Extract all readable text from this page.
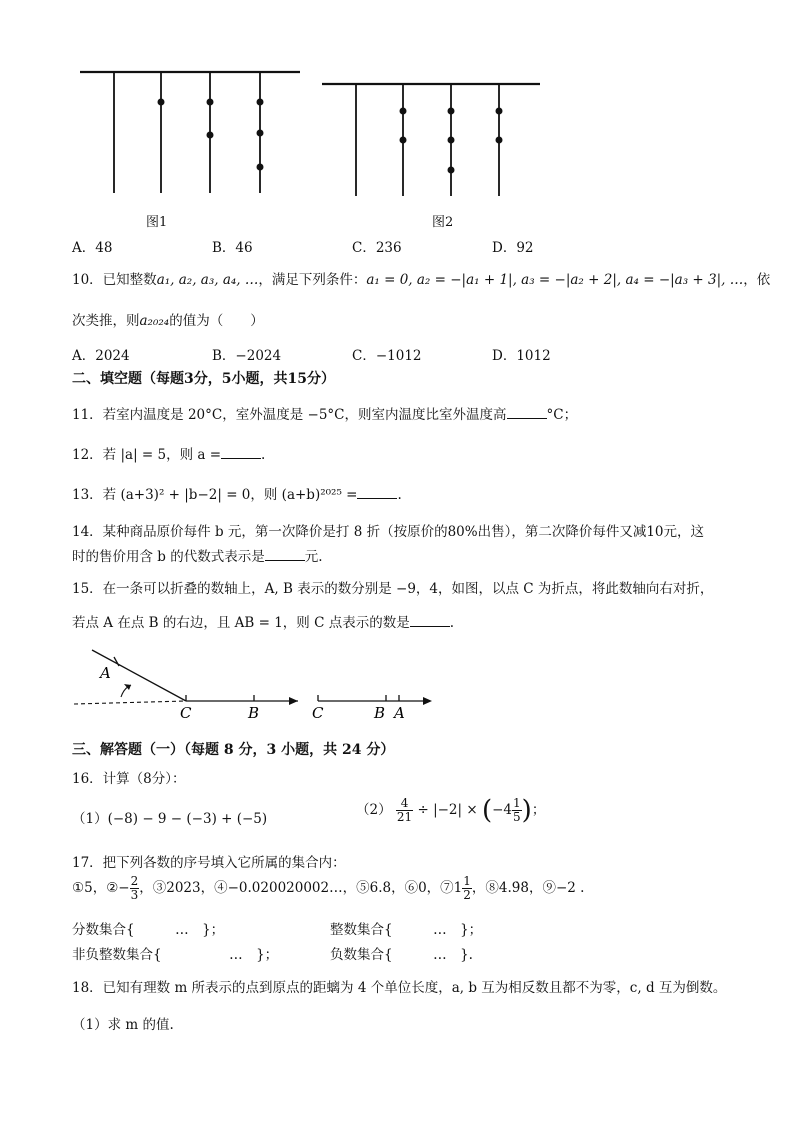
图1	图2
A．48	B．46	C．236	D．92
10．已知整数a₁, a₂, a₃, a₄, …，满足下列条件：a₁ = 0, a₂ = −|a₁ + 1|, a₃ = −|a₂ + 2|, a₄ = −|a₃ + 3|, …，依
次类推，则a₂₀₂₄的值为（　　）
A．2024	B．−2024	C．−1012	D．1012
二、填空题（每题3分，5小题，共15分）
11．若室内温度是 20°C，室外温度是 −5°C，则室内温度比室外温度高	°C；
12．若 |a| = 5，则 a =	.
13．若 (a+3)² + |b−2| = 0，则 (a+b)²⁰²⁵ =	.
14．某种商品原价每件 b 元，第一次降价是打 8 折（按原价的80%出售），第二次降价每件又减10元，这
时的售价用含 b 的代数式表示是	元.
15．在一条可以折叠的数轴上，A, B 表示的数分别是 −9，4，如图，以点 C 为折点，将此数轴向右对折，
若点 A 在点 B 的右边，且 AB = 1，则 C 点表示的数是	.
A
C	B	C	B A
三、解答题（一）（每题 8 分，3 小题，共 24 分）
16．计算（8分）：
（1）(−8) − 9 − (−3) + (−5)
$(2) \frac{4}{21} \div |-2| \times (-4 \frac{1}{5}$ )；
17．把下列各数的序号填入它所属的集合内：
①5，②− $\frac{2}{3}$ ，③2023，④−0.020020002…，⑤6.8，⑥0，⑦1 $\frac{1}{2}$ ，⑧4.9̇8̇，⑨−2 .
分数集合{　　　…　}；	整数集合{　　　…　}；
非负整数集合{　　　　　…　}；	负数集合{　　　…　}.
18．已知有理数 m 所表示的点到原点的距螭为 4 个单位长度，a, b 互为相反数且都不为零，c, d 互为倒数。
（1）求 m 的值.
